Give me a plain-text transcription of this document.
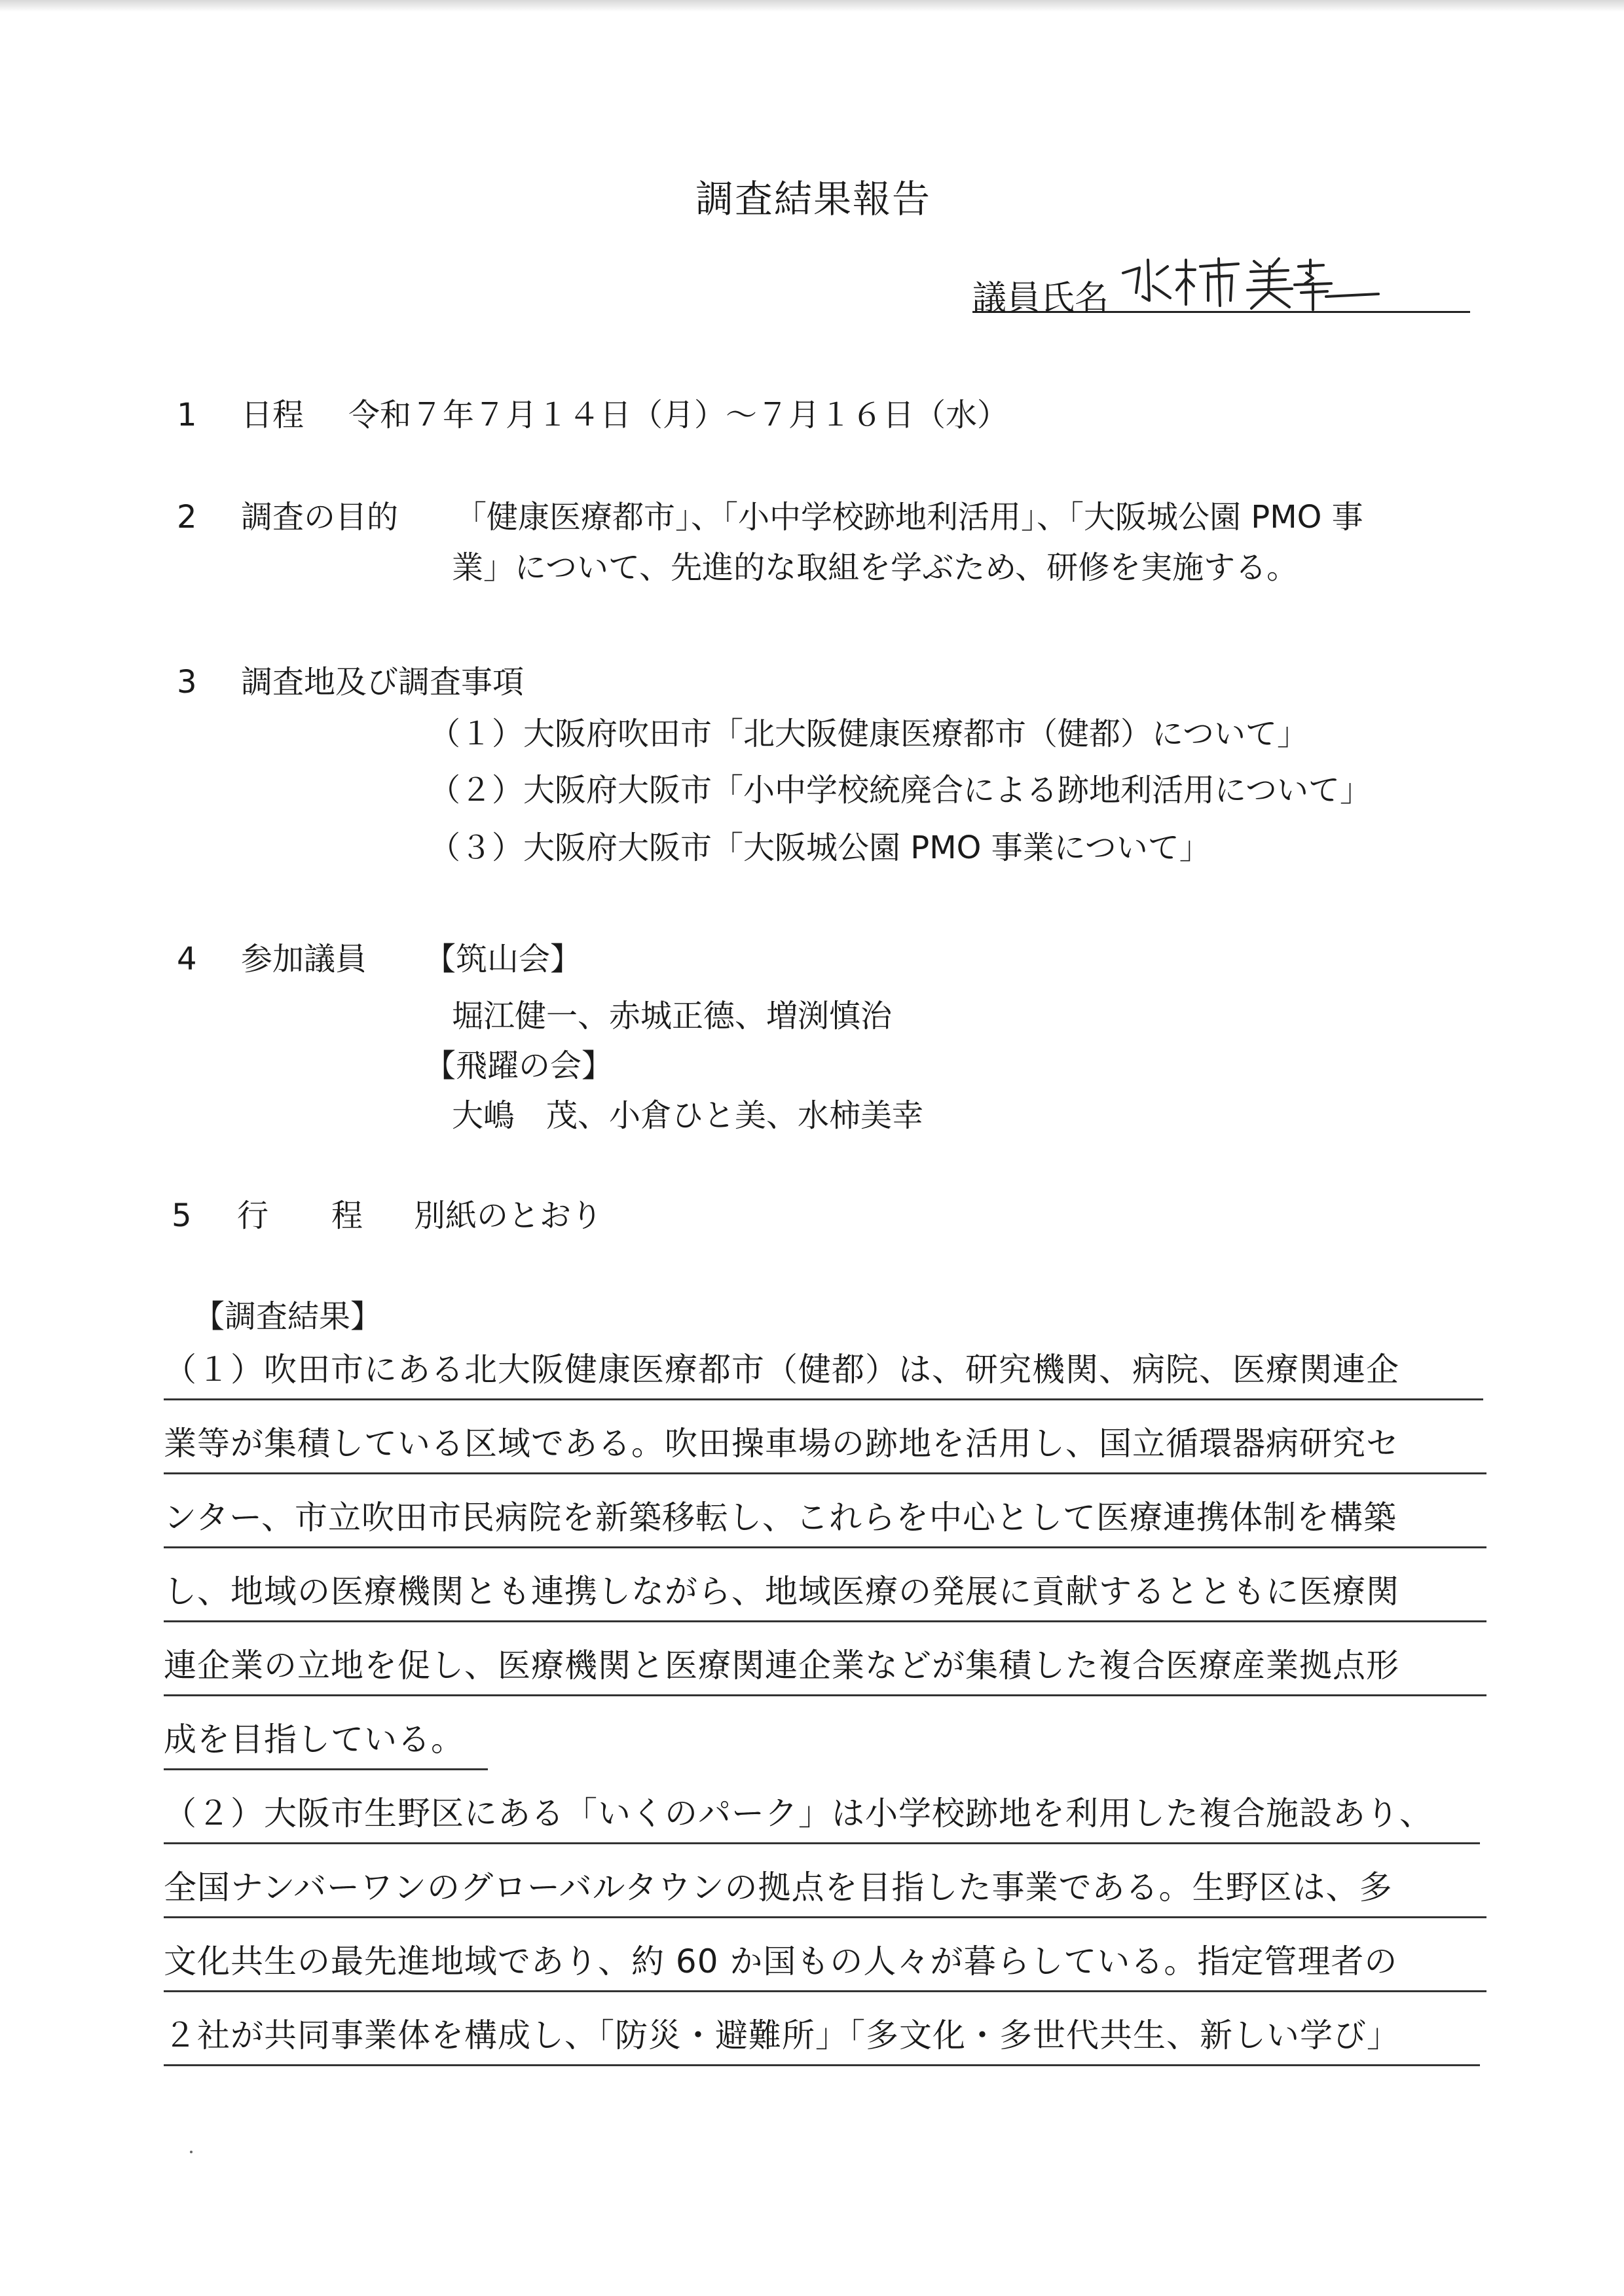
調査結果報告
議員氏名
1 日程 令和７年７月１４日（月）～７月１６日（水）
2 調査の目的 「健康医療都市」、「小中学校跡地利活用」、「大阪城公園 PMO 事
業」について、先進的な取組を学ぶため、研修を実施する。
3 調査地及び調査事項
（１）大阪府吹田市「北大阪健康医療都市（健都）について」
（２）大阪府大阪市「小中学校統廃合による跡地利活用について」
（３）大阪府大阪市「大阪城公園 PMO 事業について」
4 参加議員 【筑山会】
堀江健一、赤城正德、増渕慎治
【飛躍の会】
大嶋　茂、小倉ひと美、水柿美幸
5 行　　程 別紙のとおり
【調査結果】
（１）吹田市にある北大阪健康医療都市（健都）は、研究機関、病院、医療関連企
業等が集積している区域である。吹田操車場の跡地を活用し、国立循環器病研究セ
ンター、市立吹田市民病院を新築移転し、これらを中心として医療連携体制を構築
し、地域の医療機関とも連携しながら、地域医療の発展に貢献するとともに医療関
連企業の立地を促し、医療機関と医療関連企業などが集積した複合医療産業拠点形
成を目指している。
（２）大阪市生野区にある「いくのパーク」は小学校跡地を利用した複合施設あり、
全国ナンバーワンのグローバルタウンの拠点を目指した事業である。生野区は、多
文化共生の最先進地域であり、約 60 か国もの人々が暮らしている。指定管理者の
２社が共同事業体を構成し、「防災・避難所」「多文化・多世代共生、新しい学び」
